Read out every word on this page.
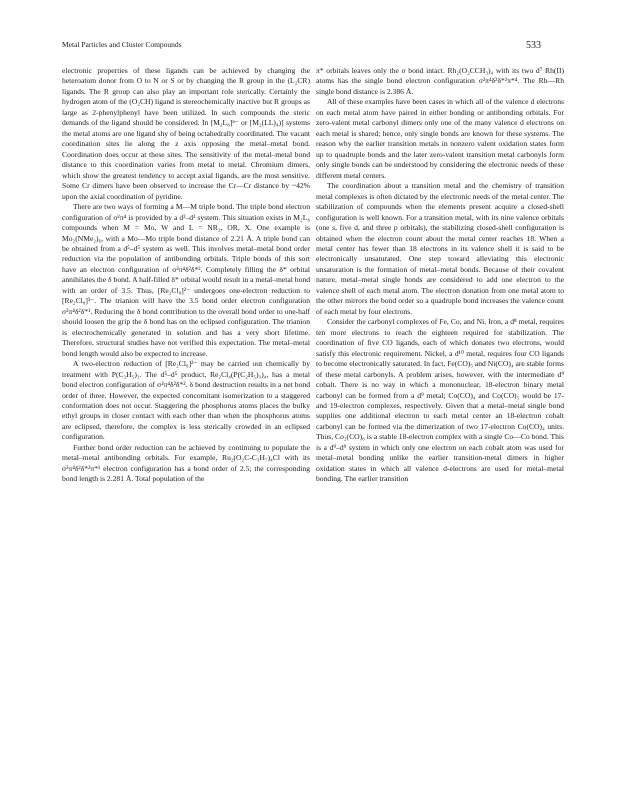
Metal Particles and Cluster Compounds	533

electronic properties of these ligands can be achieved by changing the heteroatom donor from O to N or S or by changing the R group in the (L₂CR) ligands. The R group can also play an important role sterically. Certainly the hydrogen atom of the (O₂CH) ligand is stereochemically inactive but R groups as large as 2-phenylphenyl have been utilized. In such compounds the steric demands of the ligand should be considered. In [M₂L₈]ⁿ⁻ or [M₂(LL)₄)] systems the metal atoms are one ligand shy of being octahedrally coordinated. The vacant coordination sites lie along the z axis opposing the metal–metal bond. Coordination does occur at these sites. The sensitivity of the metal–metal bond distance to this coordination varies from metal to metal. Chromium dimers, which show the greatest tendency to accept axial ligands, are the most sensitive. Some Cr dimers have been observed to increase the Cr—Cr distance by ~42% upon the axial coordination of pyridine.

There are two ways of forming a M—M triple bond. The triple bond electron configuration of σ²π⁴ is provided by a d³–d³ system. This situation exists in M₂L₆ compounds when M = Mo, W and L = NR₂, OR, X. One example is Mo₂(NMe₂)₆, with a Mo—Mo triple bond distance of 2.21 Å. A triple bond can be obtained from a d⁵–d⁵ system as well. This involves metal–metal bond order reduction via the population of antibonding orbitals. Triple bonds of this sort have an electron configuration of σ²π⁴δ²δ*². Completely filling the δ* orbital annihilates the δ bond. A half-filled δ* orbital would result in a metal–metal bond with an order of 3.5. Thus, [Re₂Cl₈]²⁻ undergoes one-electron reduction to [Re₂Cl₈]³⁻. The trianion will have the 3.5 bond order electron configuration σ²π⁴δ²δ*¹. Reducing the δ bond contribution to the overall bond order to one-half should loosen the grip the δ bond has on the eclipsed configuration. The trianion is electrochemically generated in solution and has a very short lifetime. Therefore, structural studies have not verified this expectation. The metal–metal bond length would also be expected to increase.

A two-electron reduction of [Re₂Cl₈]²⁻ may be carried out chemically by treatment with P(C₂H₅)₃. The d⁵–d⁵ product, Re₂Cl₄(P(C₂H₅)₃)₄, has a metal bond electron configuration of σ²π⁴δ²δ*². δ bond destruction results in a net bond order of three. However, the expected concomitant isomerization to a staggered conformation does not occur. Staggering the phosphorus atoms places the bulky ethyl groups in closer contact with each other than when the phosphorus atoms are eclipsed, therefore, the complex is less sterically crowded in an eclipsed configuration.

Further bond order reduction can be achieved by continuing to populate the metal–metal antibonding orbitals. For example, Ru₂(O₂C-C₃H₇)₄Cl with its σ²π⁴δ²δ*²π*¹ electron configuration has a bond order of 2.5; the corresponding bond length is 2.281 Å. Total population of the

π* orbitals leaves only the σ bond intact. Rh₂(O₂CCH₃)₄ with its two d⁷ Rh(II) atoms has the single bond electron configuration σ²π⁴δ²δ*²π*⁴. The Rh—Rh single bond distance is 2.386 Å.

All of these examples have been cases in which all of the valence d electrons on each metal atom have paired in either bonding or antibonding orbitals. For zero-valent metal carbonyl dimers only one of the many valence d electrons on each metal is shared; hence, only single bonds are known for these systems. The reason why the earlier transition metals in nonzero valent oxidation states form up to quadruple bonds and the later zero-valent transition metal carbonyls form only single bonds can be understood by considering the electronic needs of these different metal centers.

The coordination about a transition metal and the chemistry of transition metal complexes is often dictated by the electronic needs of the metal center. The stabilization of compounds when the elements present acquire a closed-shell configuration is well known. For a transition metal, with its nine valence orbitals (one s, five d, and three p orbitals), the stabilizing closed-shell configuration is obtained when the electron count about the metal center reaches 18. When a metal center has fewer than 18 electrons in its valence shell it is said to be electronically unsaturated. One step toward alleviating this electronic unsaturation is the formation of metal–metal bonds. Because of their covalent nature, metal–metal single bonds are considered to add one electron to the valence shell of each metal atom. The electron donation from one metal atom to the other mirrors the bond order so a quadruple bond increases the valence count of each metal by four electrons.

Consider the carbonyl complexes of Fe, Co, and Ni. Iron, a d⁸ metal, requires ten more electrons to reach the eighteen required for stabilization. The coordination of five CO ligands, each of which donates two electrons, would satisfy this electronic requirement. Nickel, a d¹⁰ metal, requires four CO ligands to become electronically saturated. In fact, Fe(CO)₅ and Ni(CO)₄ are stable forms of these metal carbonyls. A problem arises, however, with the intermediate d⁹ cobalt. There is no way in which a mononuclear, 18-electron binary metal carbonyl can be formed from a d⁹ metal; Co(CO)₄ and Co(CO)₅ would be 17- and 19-electron complexes, respectively. Given that a metal–metal single bond supplies one additional electron to each metal center an 18-electron cobalt carbonyl can be formed via the dimerization of two 17-electron Co(CO)₄ units. Thus, Co₂(CO)₈ is a stable 18-electron complex with a single Co—Co bond. This is a d⁹–d⁹ system in which only one electron on each cobalt atom was used for metal–metal bonding unlike the earlier transition-metal dimers in higher oxidation states in which all valence d-electrons are used for metal–metal bonding. The earlier transition
